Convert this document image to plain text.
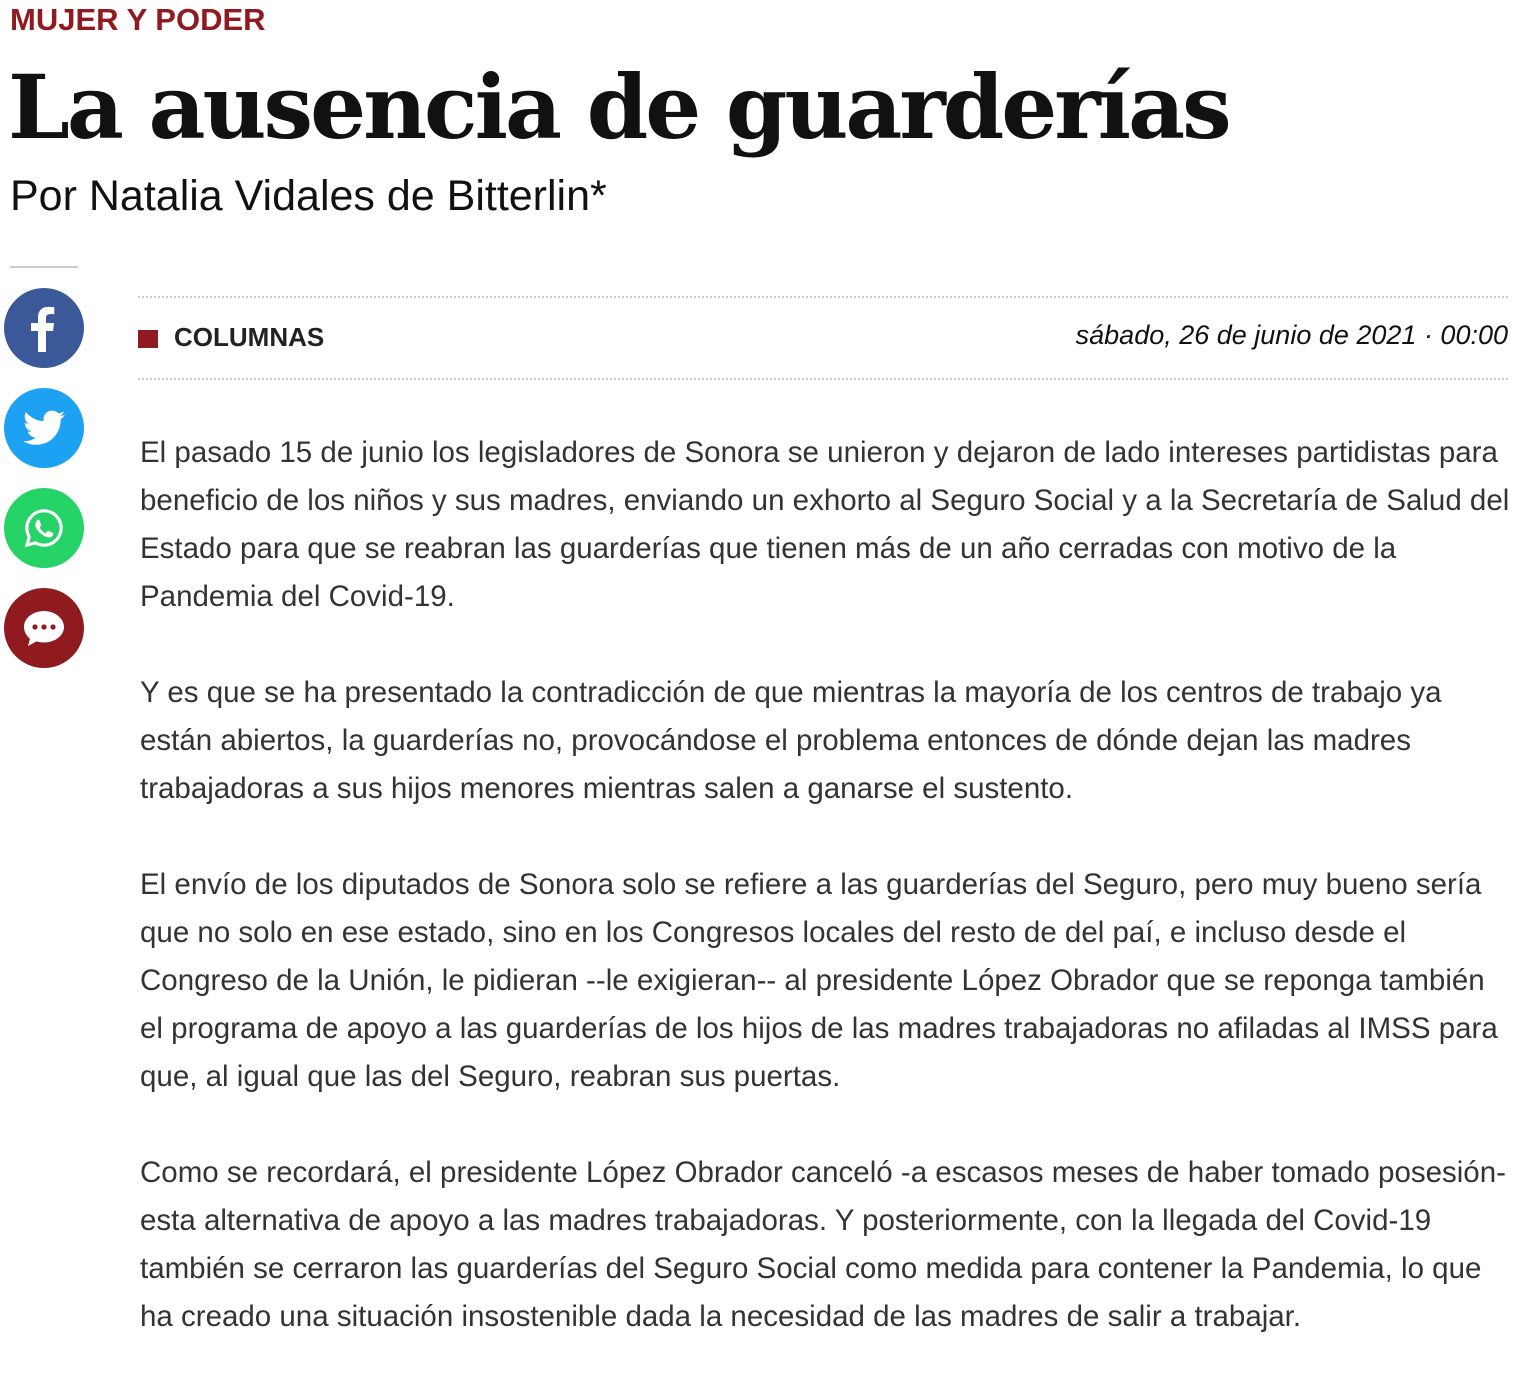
MUJER Y PODER
La ausencia de guarderías
Por Natalia Vidales de Bitterlin*
COLUMNAS	sábado, 26 de junio de 2021 · 00:00

El pasado 15 de junio los legisladores de Sonora se unieron y dejaron de lado intereses partidistas para beneficio de los niños y sus madres, enviando un exhorto al Seguro Social y a la Secretaría de Salud del Estado para que se reabran las guarderías que tienen más de un año cerradas con motivo de la Pandemia del Covid-19.

Y es que se ha presentado la contradicción de que mientras la mayoría de los centros de trabajo ya están abiertos, la guarderías no, provocándose el problema entonces de dónde dejan las madres trabajadoras a sus hijos menores mientras salen a ganarse el sustento.

El envío de los diputados de Sonora solo se refiere a las guarderías del Seguro, pero muy bueno sería que no solo en ese estado, sino en los Congresos locales del resto de del paí, e incluso desde el Congreso de la Unión, le pidieran --le exigieran-- al presidente López Obrador que se reponga también el programa de apoyo a las guarderías de los hijos de las madres trabajadoras no afiladas al IMSS para que, al igual que las del Seguro, reabran sus puertas.

Como se recordará, el presidente López Obrador canceló -a escasos meses de haber tomado posesión- esta alternativa de apoyo a las madres trabajadoras. Y posteriormente, con la llegada del Covid-19 también se cerraron las guarderías del Seguro Social como medida para contener la Pandemia, lo que ha creado una situación insostenible dada la necesidad de las madres de salir a trabajar.
